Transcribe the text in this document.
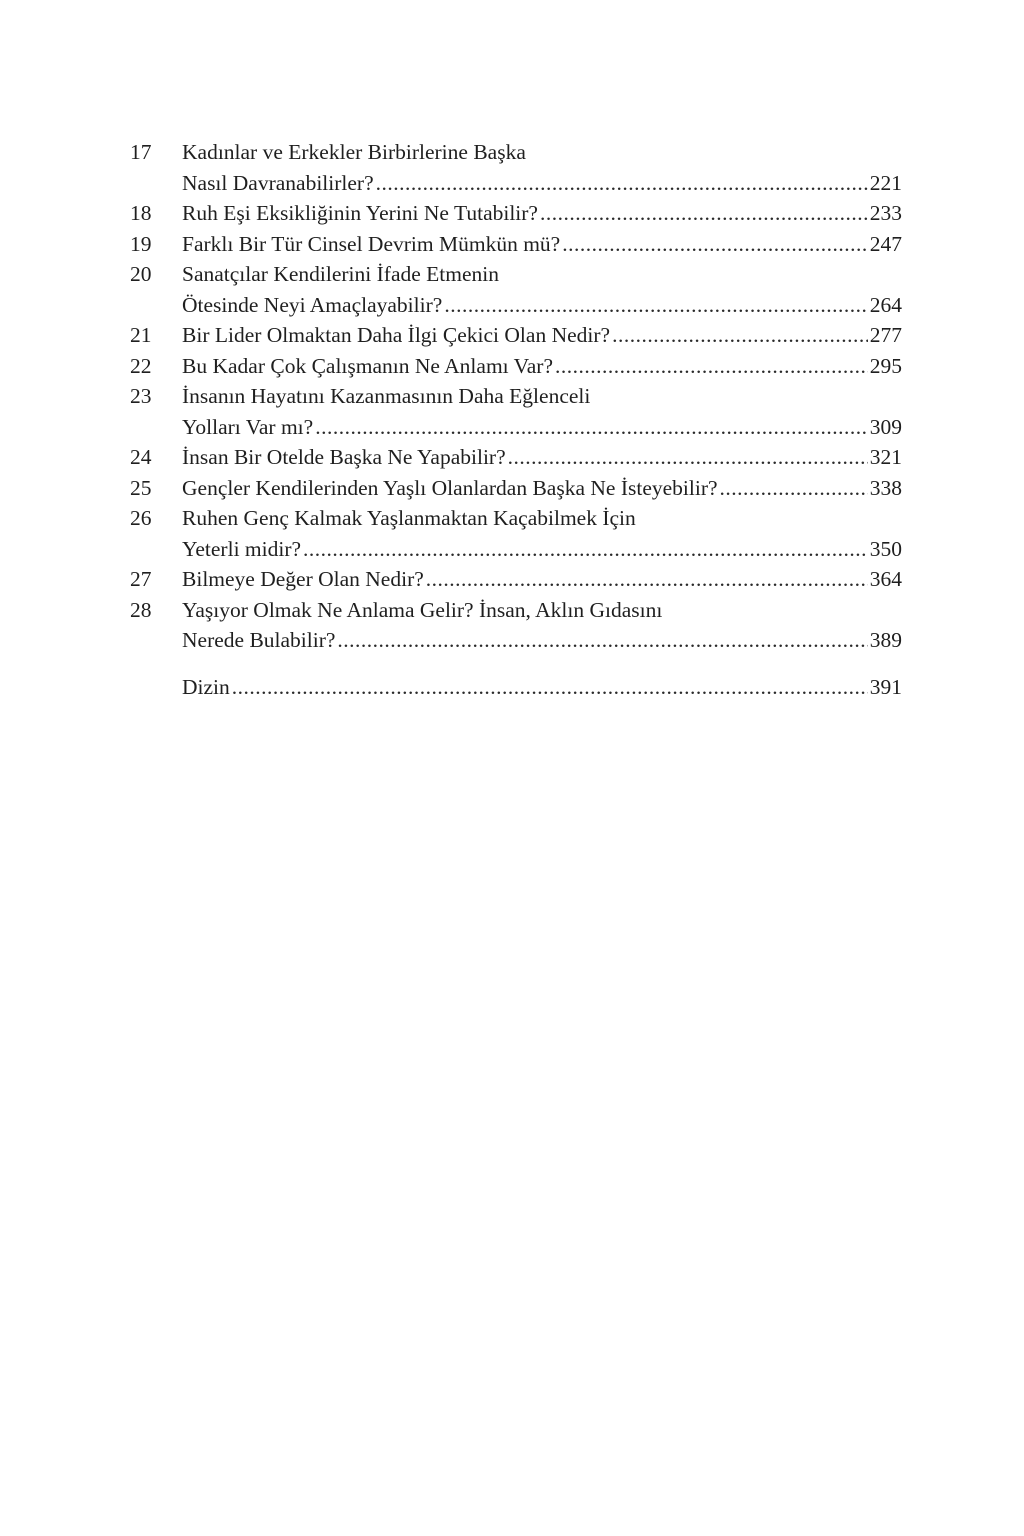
17	Kadınlar ve Erkekler Birbirlerine Başka
Nasıl Davranabilirler? .....	221
18	Ruh Eşi Eksikliğinin Yerini Ne Tutabilir? .....	233
19	Farklı Bir Tür Cinsel Devrim Mümkün mü? .....	247
20	Sanatçılar Kendilerini İfade Etmenin
Ötesinde Neyi Amaçlayabilir? .....	264
21	Bir Lider Olmaktan Daha İlgi Çekici Olan Nedir? .....	277
22	Bu Kadar Çok Çalışmanın Ne Anlamı Var? .....	295
23	İnsanın Hayatını Kazanmasının Daha Eğlenceli
Yolları Var mı? .....	309
24	İnsan Bir Otelde Başka Ne Yapabilir? .....	321
25	Gençler Kendilerinden Yaşlı Olanlardan Başka Ne İsteyebilir? .....	338
26	Ruhen Genç Kalmak Yaşlanmaktan Kaçabilmek İçin
Yeterli midir? .....	350
27	Bilmeye Değer Olan Nedir? .....	364
28	Yaşıyor Olmak Ne Anlama Gelir? İnsan, Aklın Gıdasını
Nerede Bulabilir? .....	389
Dizin .....	391
